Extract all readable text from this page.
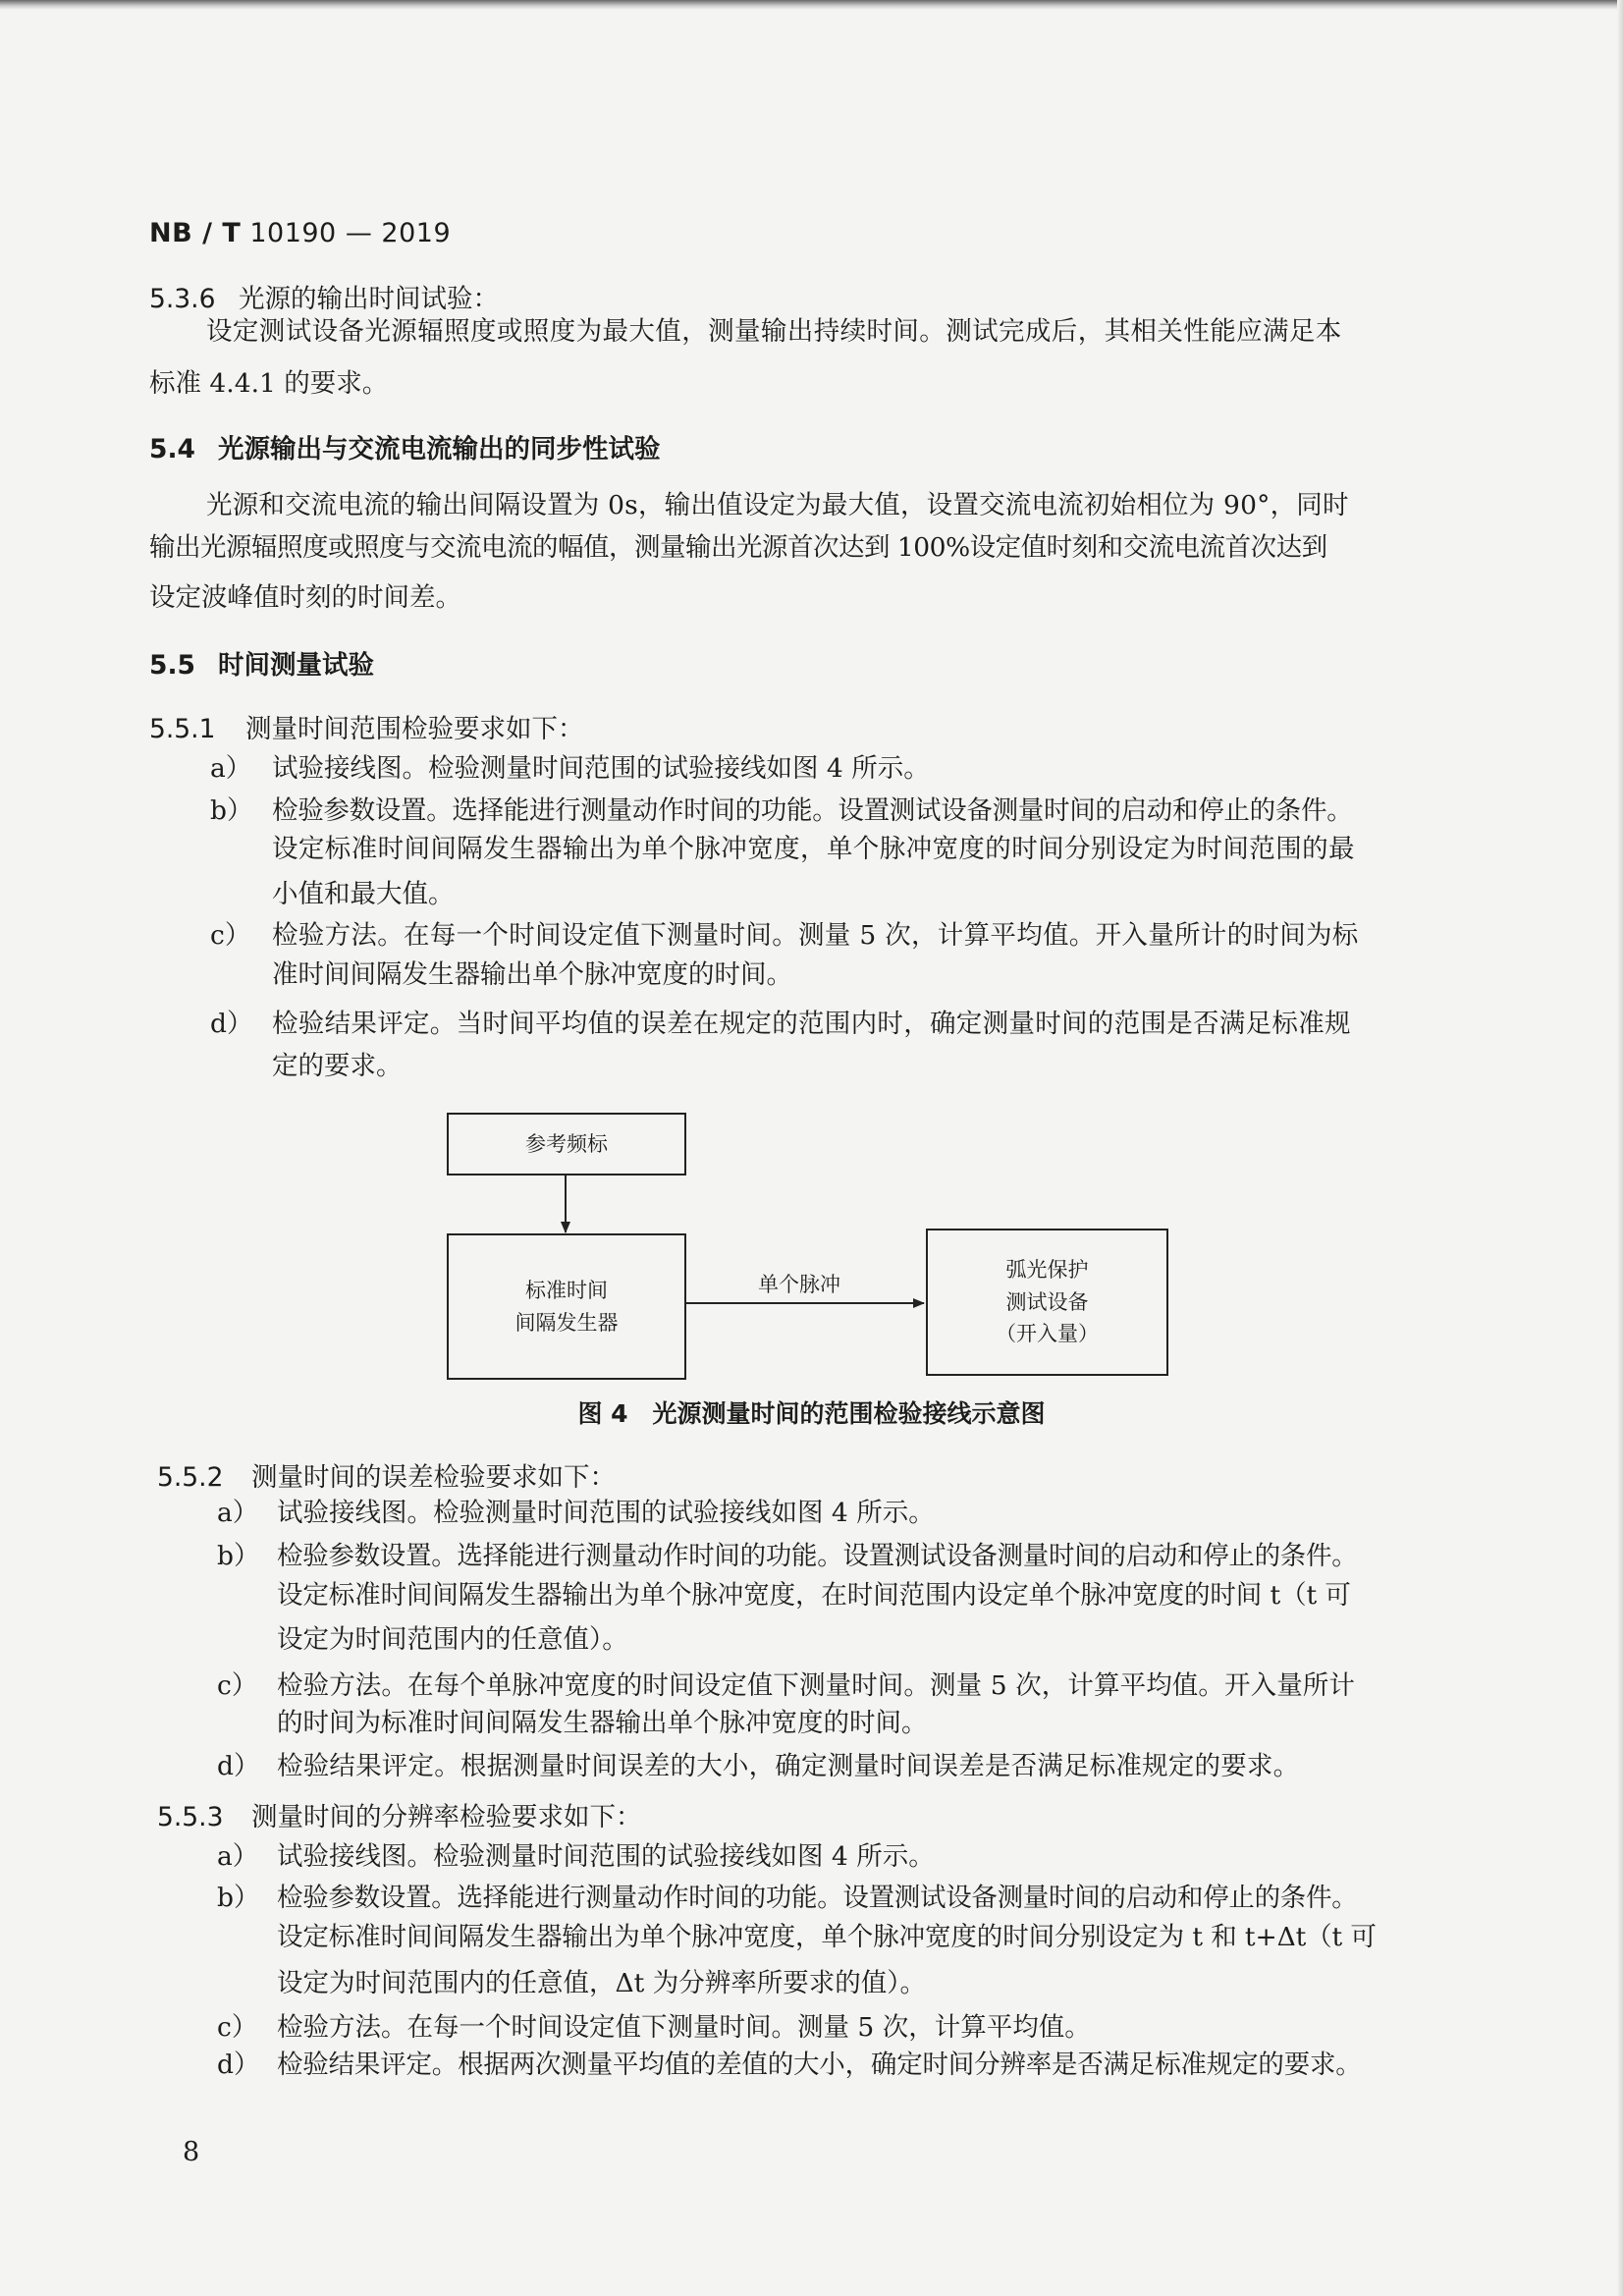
NB / T 10190 — 2019
5.3.6 光源的输出时间试验：
设定测试设备光源辐照度或照度为最大值，测量输出持续时间。测试完成后，其相关性能应满足本
标准 4.4.1 的要求。
5.4 光源输出与交流电流输出的同步性试验
光源和交流电流的输出间隔设置为 0s，输出值设定为最大值，设置交流电流初始相位为 90°，同时
输出光源辐照度或照度与交流电流的幅值，测量输出光源首次达到 100%设定值时刻和交流电流首次达到
设定波峰值时刻的时间差。
5.5 时间测量试验
5.5.1 测量时间范围检验要求如下：
a） 试验接线图。检验测量时间范围的试验接线如图 4 所示。
b） 检验参数设置。选择能进行测量动作时间的功能。设置测试设备测量时间的启动和停止的条件。
设定标准时间间隔发生器输出为单个脉冲宽度，单个脉冲宽度的时间分别设定为时间范围的最
小值和最大值。
c） 检验方法。在每一个时间设定值下测量时间。测量 5 次，计算平均值。开入量所计的时间为标
准时间间隔发生器输出单个脉冲宽度的时间。
d） 检验结果评定。当时间平均值的误差在规定的范围内时，确定测量时间的范围是否满足标准规
定的要求。
参考频标
标准时间
间隔发生器
弧光保护
测试设备
（开入量）
单个脉冲
图 4　光源测量时间的范围检验接线示意图
5.5.2 测量时间的误差检验要求如下：
a） 试验接线图。检验测量时间范围的试验接线如图 4 所示。
b） 检验参数设置。选择能进行测量动作时间的功能。设置测试设备测量时间的启动和停止的条件。
设定标准时间间隔发生器输出为单个脉冲宽度，在时间范围内设定单个脉冲宽度的时间 t（t 可
设定为时间范围内的任意值）。
c） 检验方法。在每个单脉冲宽度的时间设定值下测量时间。测量 5 次，计算平均值。开入量所计
的时间为标准时间间隔发生器输出单个脉冲宽度的时间。
d） 检验结果评定。根据测量时间误差的大小，确定测量时间误差是否满足标准规定的要求。
5.5.3 测量时间的分辨率检验要求如下：
a） 试验接线图。检验测量时间范围的试验接线如图 4 所示。
b） 检验参数设置。选择能进行测量动作时间的功能。设置测试设备测量时间的启动和停止的条件。
设定标准时间间隔发生器输出为单个脉冲宽度，单个脉冲宽度的时间分别设定为 t 和 t+Δt（t 可
设定为时间范围内的任意值，Δt 为分辨率所要求的值）。
c） 检验方法。在每一个时间设定值下测量时间。测量 5 次，计算平均值。
d） 检验结果评定。根据两次测量平均值的差值的大小，确定时间分辨率是否满足标准规定的要求。
8
